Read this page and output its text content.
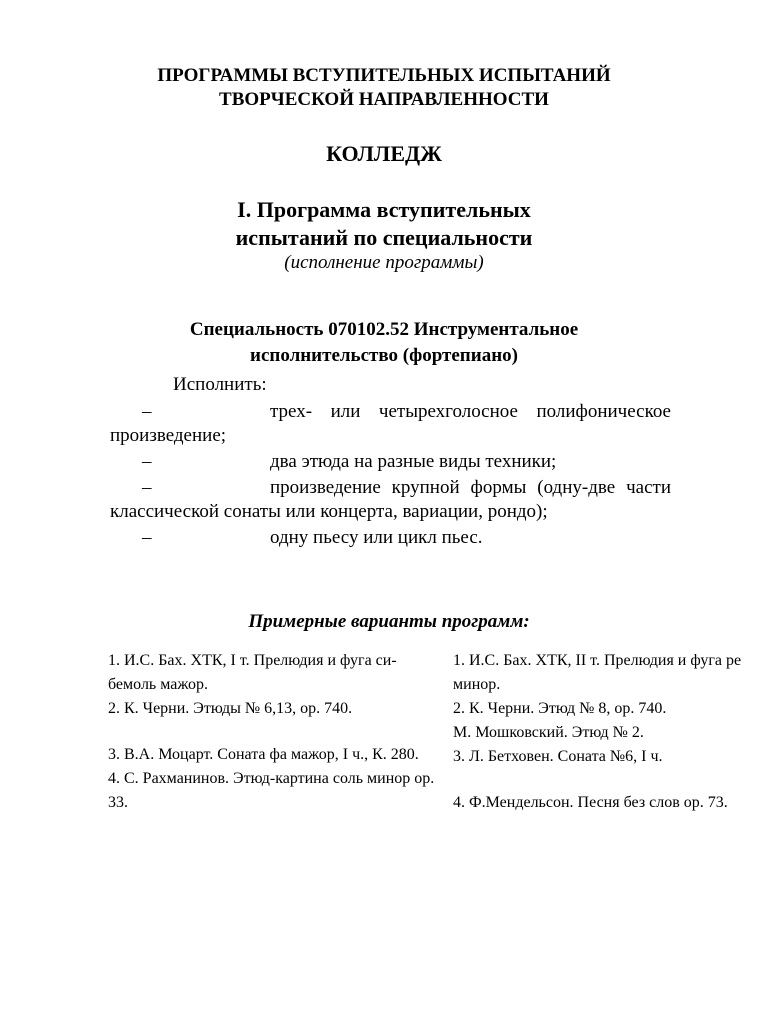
ПРОГРАММЫ ВСТУПИТЕЛЬНЫХ ИСПЫТАНИЙ
ТВОРЧЕСКОЙ НАПРАВЛЕННОСТИ
КОЛЛЕДЖ
I. Программа вступительных
испытаний по специальности
(исполнение программы)
Специальность 070102.52 Инструментальное
исполнительство (фортепиано)
Исполнить:
–	трех- или четырехголосное полифоническое произведение;
–	два этюда на разные виды техники;
–	произведение крупной формы (одну-две части классической сонаты или концерта, вариации, рондо);
–	одну пьесу или цикл пьес.
Примерные варианты программ:

1. И.С. Бах. ХТК, I т. Прелюдия и фуга си-бемоль мажор.

2. К. Черни. Этюды № 6,13, ор. 740.

3. В.А. Моцарт. Соната фа мажор, I ч., К. 280.

4. С. Рахманинов. Этюд-картина соль минор ор. 33.

1. И.С. Бах. ХТК, II т. Прелюдия и фуга ре минор.

2. К. Черни. Этюд № 8, ор. 740.

М. Мошковский. Этюд № 2.

3. Л. Бетховен. Соната №6, I ч.

4. Ф.Мендельсон. Песня без слов ор. 73.
